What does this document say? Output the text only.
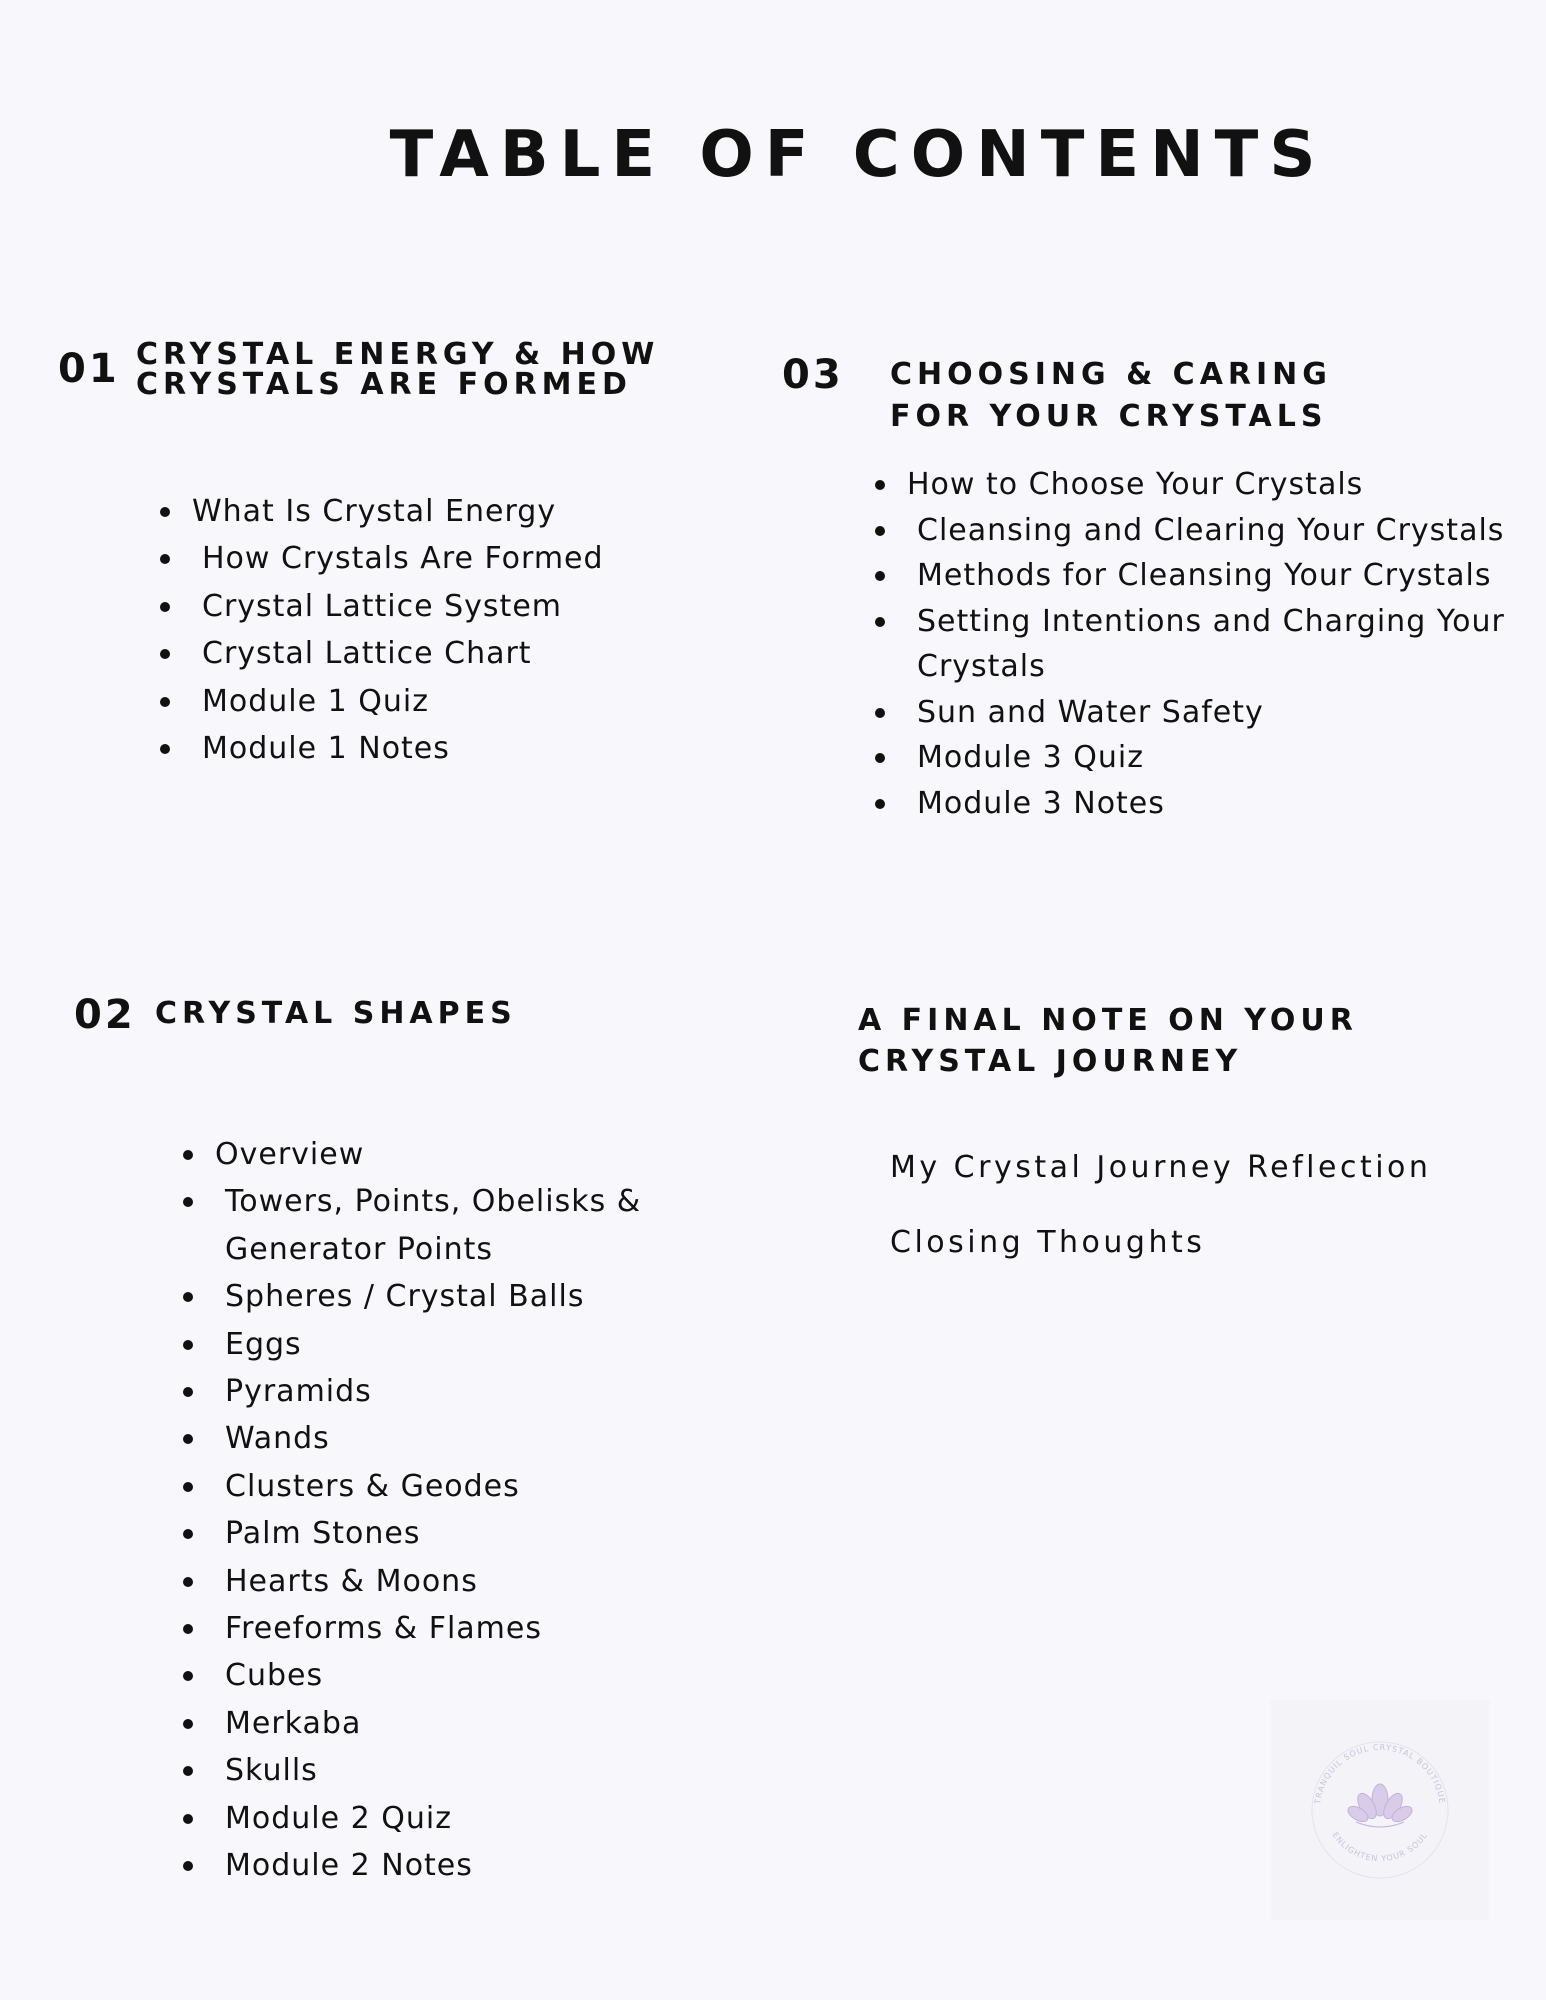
TABLE OF CONTENTS
01 CRYSTAL ENERGY & HOW
CRYSTALS ARE FORMED
What Is Crystal Energy
How Crystals Are Formed
Crystal Lattice System
Crystal Lattice Chart
Module 1 Quiz
Module 1 Notes
03 CHOOSING & CARING
FOR YOUR CRYSTALS
How to Choose Your Crystals
Cleansing and Clearing Your Crystals
Methods for Cleansing Your Crystals
Setting Intentions and Charging Your Crystals
Sun and Water Safety
Module 3 Quiz
Module 3 Notes
02 CRYSTAL SHAPES
Overview
Towers, Points, Obelisks & Generator Points
Spheres / Crystal Balls
Eggs
Pyramids
Wands
Clusters & Geodes
Palm Stones
Hearts & Moons
Freeforms & Flames
Cubes
Merkaba
Skulls
Module 2 Quiz
Module 2 Notes
A FINAL NOTE ON YOUR
CRYSTAL JOURNEY
My Crystal Journey Reflection
Closing Thoughts
TRANQUIL SOUL CRYSTAL BOUTIQUE
ENLIGHTEN YOUR SOUL
